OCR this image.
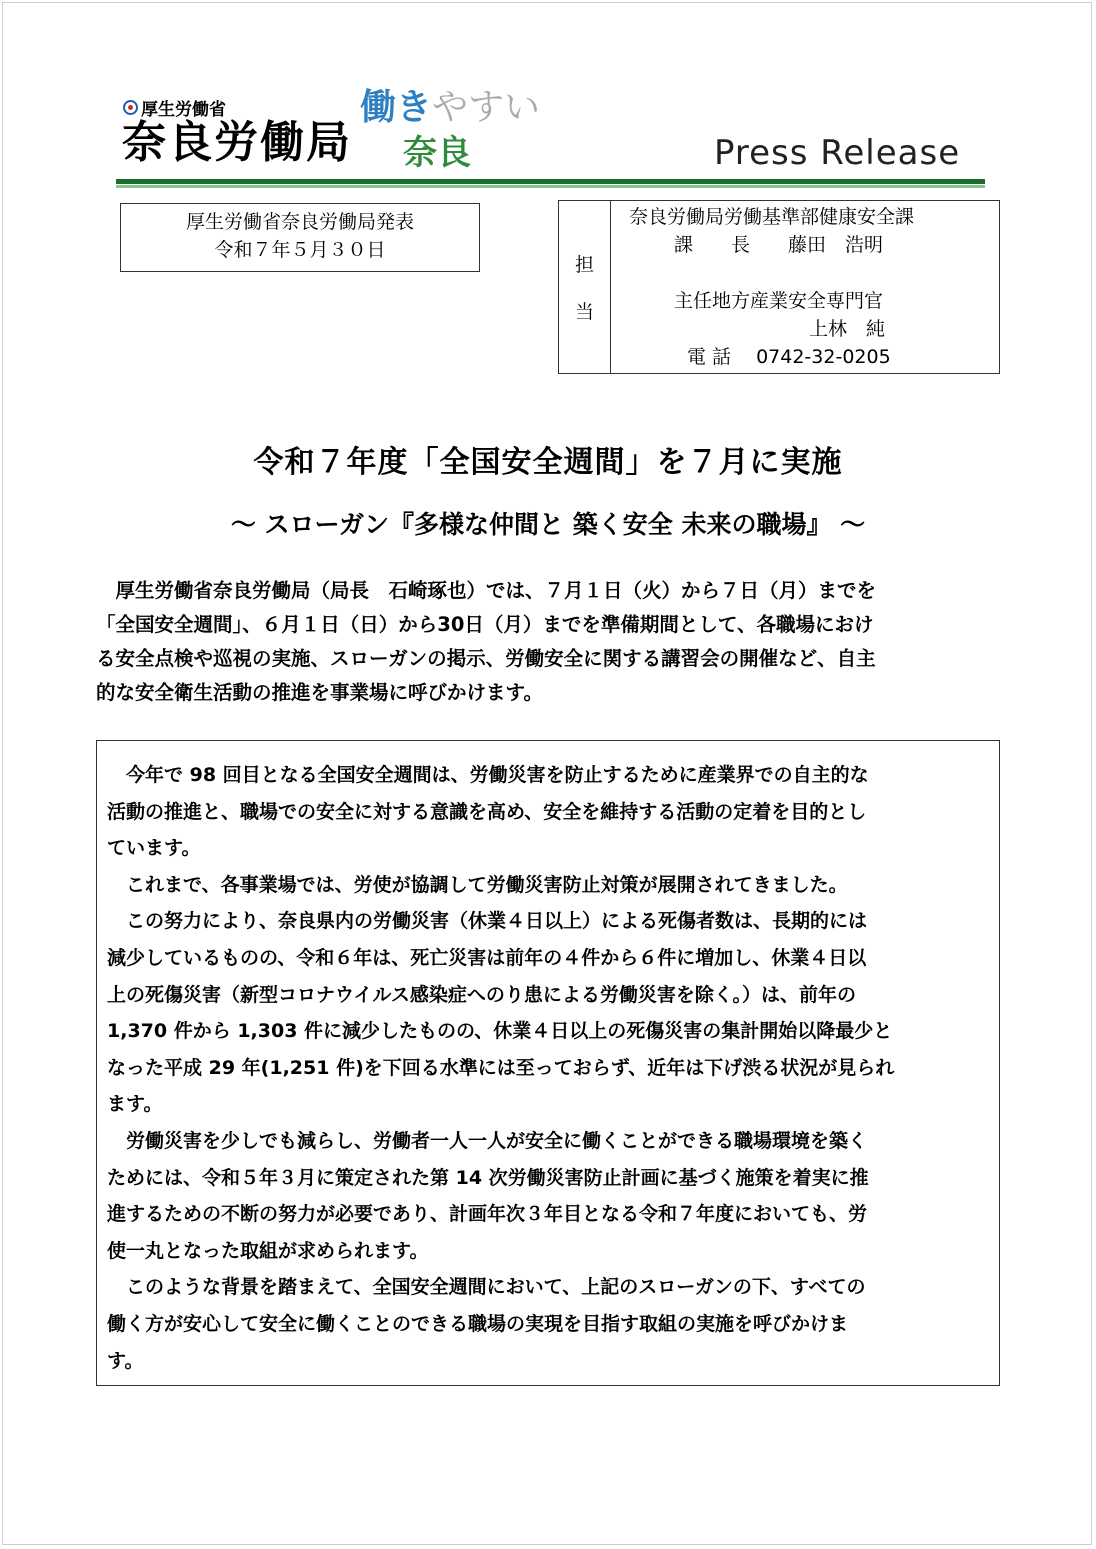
厚生労働省
奈良労働局
働きやすい
奈良	Press Release
厚生労働省奈良労働局発表
令和７年５月３０日
担
当
奈良労働局労働基準部健康安全課
課　　長　　藤田　浩明
主任地方産業安全専門官
上林　純
電 話　 0742-32-0205
令和７年度「全国安全週間」を７月に実施
～ スローガン『多様な仲間と 築く安全 未来の職場』 ～

　厚生労働省奈良労働局（局長　石崎琢也）では、７月１日（火）から７日（月）までを

「全国安全週間」、６月１日（日）から30日（月）までを準備期間として、各職場におけ

る安全点検や巡視の実施、スローガンの掲示、労働安全に関する講習会の開催など、自主

的な安全衛生活動の推進を事業場に呼びかけます。

　今年で 98 回目となる全国安全週間は、労働災害を防止するために産業界での自主的な

活動の推進と、職場での安全に対する意識を高め、安全を維持する活動の定着を目的とし

ています。

　これまで、各事業場では、労使が協調して労働災害防止対策が展開されてきました。

　この努力により、奈良県内の労働災害（休業４日以上）による死傷者数は、長期的には

減少しているものの、令和６年は、死亡災害は前年の４件から６件に増加し、休業４日以

上の死傷災害（新型コロナウイルス感染症へのり患による労働災害を除く。）は、前年の

1,370 件から 1,303 件に減少したものの、休業４日以上の死傷災害の集計開始以降最少と

なった平成 29 年(1,251 件)を下回る水準には至っておらず、近年は下げ渋る状況が見られ

ます。

　労働災害を少しでも減らし、労働者一人一人が安全に働くことができる職場環境を築く

ためには、令和５年３月に策定された第 14 次労働災害防止計画に基づく施策を着実に推

進するための不断の努力が必要であり、計画年次３年目となる令和７年度においても、労

使一丸となった取組が求められます。

　このような背景を踏まえて、全国安全週間において、上記のスローガンの下、すべての

働く方が安心して安全に働くことのできる職場の実現を目指す取組の実施を呼びかけま

す。
